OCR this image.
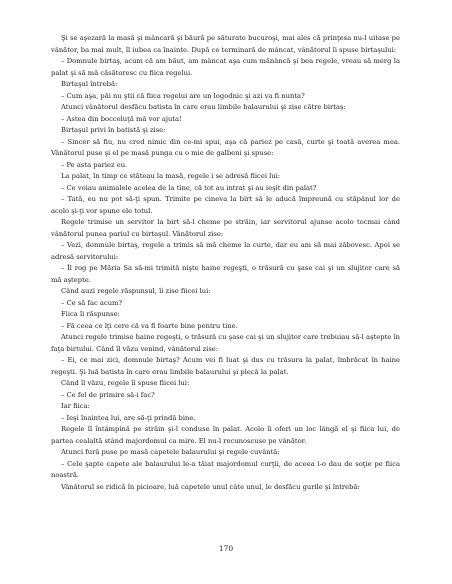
Şi se aşezară la masă şi mâncară şi băură pe săturate bucuroşi, mai ales că prinţesa nu-l uitase pe vânător, ba mai mult, îl iubea ca înainte. După ce terminară de mâncat, vânătorul îi spuse birtaşului:

– Domnule birtaş, acum că am băut, am mâncat aşa cum mănâncă şi bea regele, vreau să merg la palat şi să mă căsătoresc cu fiica regelui.

Birtaşul întrebă:

– Cum aşa, păi nu ştii că fiica regelui are un logodnic şi azi va fi nunta?

Atunci vânătorul desfăcu batista în care erau limbile balaurului şi zise către birtaş:

– Astea din bocceluţă mă vor ajuta!

Birtaşul privi în batistă şi zise:

– Sincer să fiu, nu cred nimic din ce-mi spui, aşa că pariez pe casă, curte şi toată averea mea. Vânătorul puse şi el pe masă punga cu o mie de galbeni şi spuse:

– Pe asta pariez eu.

La palat, în timp ce stăteau la masă, regele i se adresă fiicei lui:

– Ce voiau animalele acelea de la tine, că tot au intrat şi au ieşit din palat?

– Tată, eu nu pot să-ţi spun. Trimite pe cineva la birt să le aducă împreună cu stăpânul lor de acolo şi-ţi vor spune ele totul.

Regele trimise un servitor la birt să-l cheme pe străin, iar servitorul ajunse acolo tocmai când vânătorul punea pariul cu birtaşul. Vânătorul zise:

– Vezi, domnule birtaş, regele a trimis să mă cheme la curte, dar eu am să mai zăbovesc. Apoi se adresă servitorului:

– Îl rog pe Măria Sa să-mi trimită nişte haine regeşti, o trăsură cu şase cai şi un slujitor care să mă aştepte.

Când auzi regele răspunsul, îi zise fiicei lui:

– Ce să fac acum?

Fiica îi răspunse:

– Fă ceea ce îţi cere că va fi foarte bine pentru tine.

Atunci regele trimise haine regeşti, o trăsură cu şase cai şi un slujitor care trebuiau să-l aştepte în faţa birtului. Când îl văzu venind, vânătorul zise:

– Ei, ce mai zici, domnule birtaş? Acum vei fi luat şi dus cu trăsura la palat, îmbrăcat în haine regeşti. Şi luă batista în care erau limbile balaurului şi plecă la palat.

Când îl văzu, regele îi spuse fiicei lui:

– Ce fel de primire să-i fac?

Iar fiica:

– Ieşi înaintea lui, are să-ţi prindă bine.

Regele îl întâmpină pe străin şi-l conduse în palat. Acolo îi oferi un loc lângă el şi fiica lui, de partea cealaltă stând majordomul ca mire. El nu-l recunoscuse pe vânător.

Atunci fură puse pe masă capetele balaurului şi regele cuvântă:

– Cele şapte capete ale balaurului le-a tăiat majordomul curţii, de aceea i-o dau de soţie pe fiica noastră.

Vânătorul se ridică în picioare, luă capetele unul câte unul, le desfăcu gurile şi întrebă:

170
